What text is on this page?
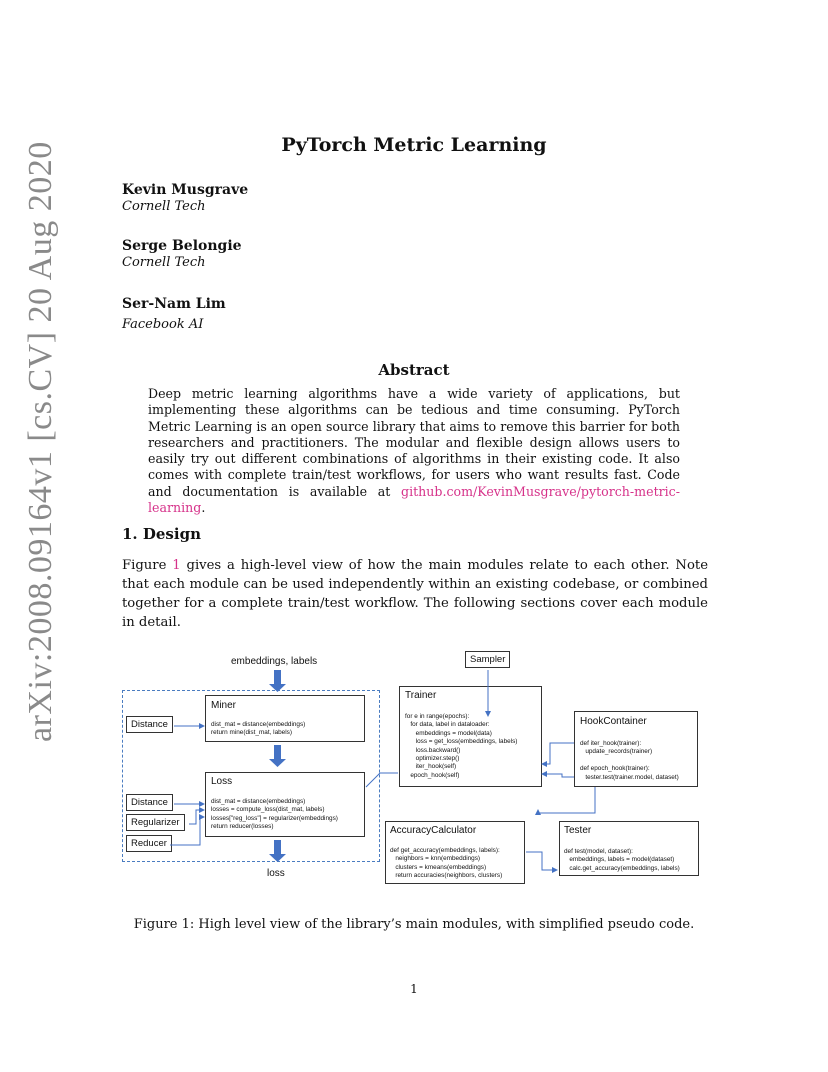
arXiv:2008.09164v1 [cs.CV] 20 Aug 2020	PyTorch Metric Learning
Kevin Musgrave
Cornell Tech
Serge Belongie
Cornell Tech
Ser-Nam Lim
Facebook AI
Abstract
Deep metric learning algorithms have a wide variety of applications, but implementing these algorithms can be tedious and time consuming. PyTorch Metric Learning is an open source library that aims to remove this barrier for both researchers and practitioners. The modular and flexible design allows users to easily try out different combinations of algorithms in their existing code. It also comes with complete train/test workflows, for users who want results fast. Code and documentation is available at github.com/KevinMusgrave/pytorch-metric-learning.
1. Design
Figure 1 gives a high-level view of how the main modules relate to each other. Note that each module can be used independently within an existing codebase, or combined together for a complete train/test workflow. The following sections cover each module in detail.
embeddings, labels
loss
Sampler
Miner
dist_mat = distance(embeddings)
return mine(dist_mat, labels)
Loss
dist_mat = distance(embeddings)
losses = compute_loss(dist_mat, labels)
losses["reg_loss"] = regularizer(embeddings)
return reducer(losses)
Distance
Distance
Regularizer
Reducer
Trainer
for e in range(epochs):
for data, label in dataloader:
embeddings = model(data)
loss = get_loss(embeddings, labels)
loss.backward()
optimizer.step()
iter_hook(self)
epoch_hook(self)
HookContainer
def iter_hook(trainer):
update_records(trainer)

def epoch_hook(trainer):
tester.test(trainer.model, dataset)
AccuracyCalculator
def get_accuracy(embeddings, labels):
neighbors = knn(embeddings)
clusters = kmeans(embeddings)
return accuracies(neighbors, clusters)
Tester
def test(model, dataset):
embeddings, labels = model(dataset)
calc.get_accuracy(embeddings, labels)
Figure 1: High level view of the library’s main modules, with simplified pseudo code.
1
